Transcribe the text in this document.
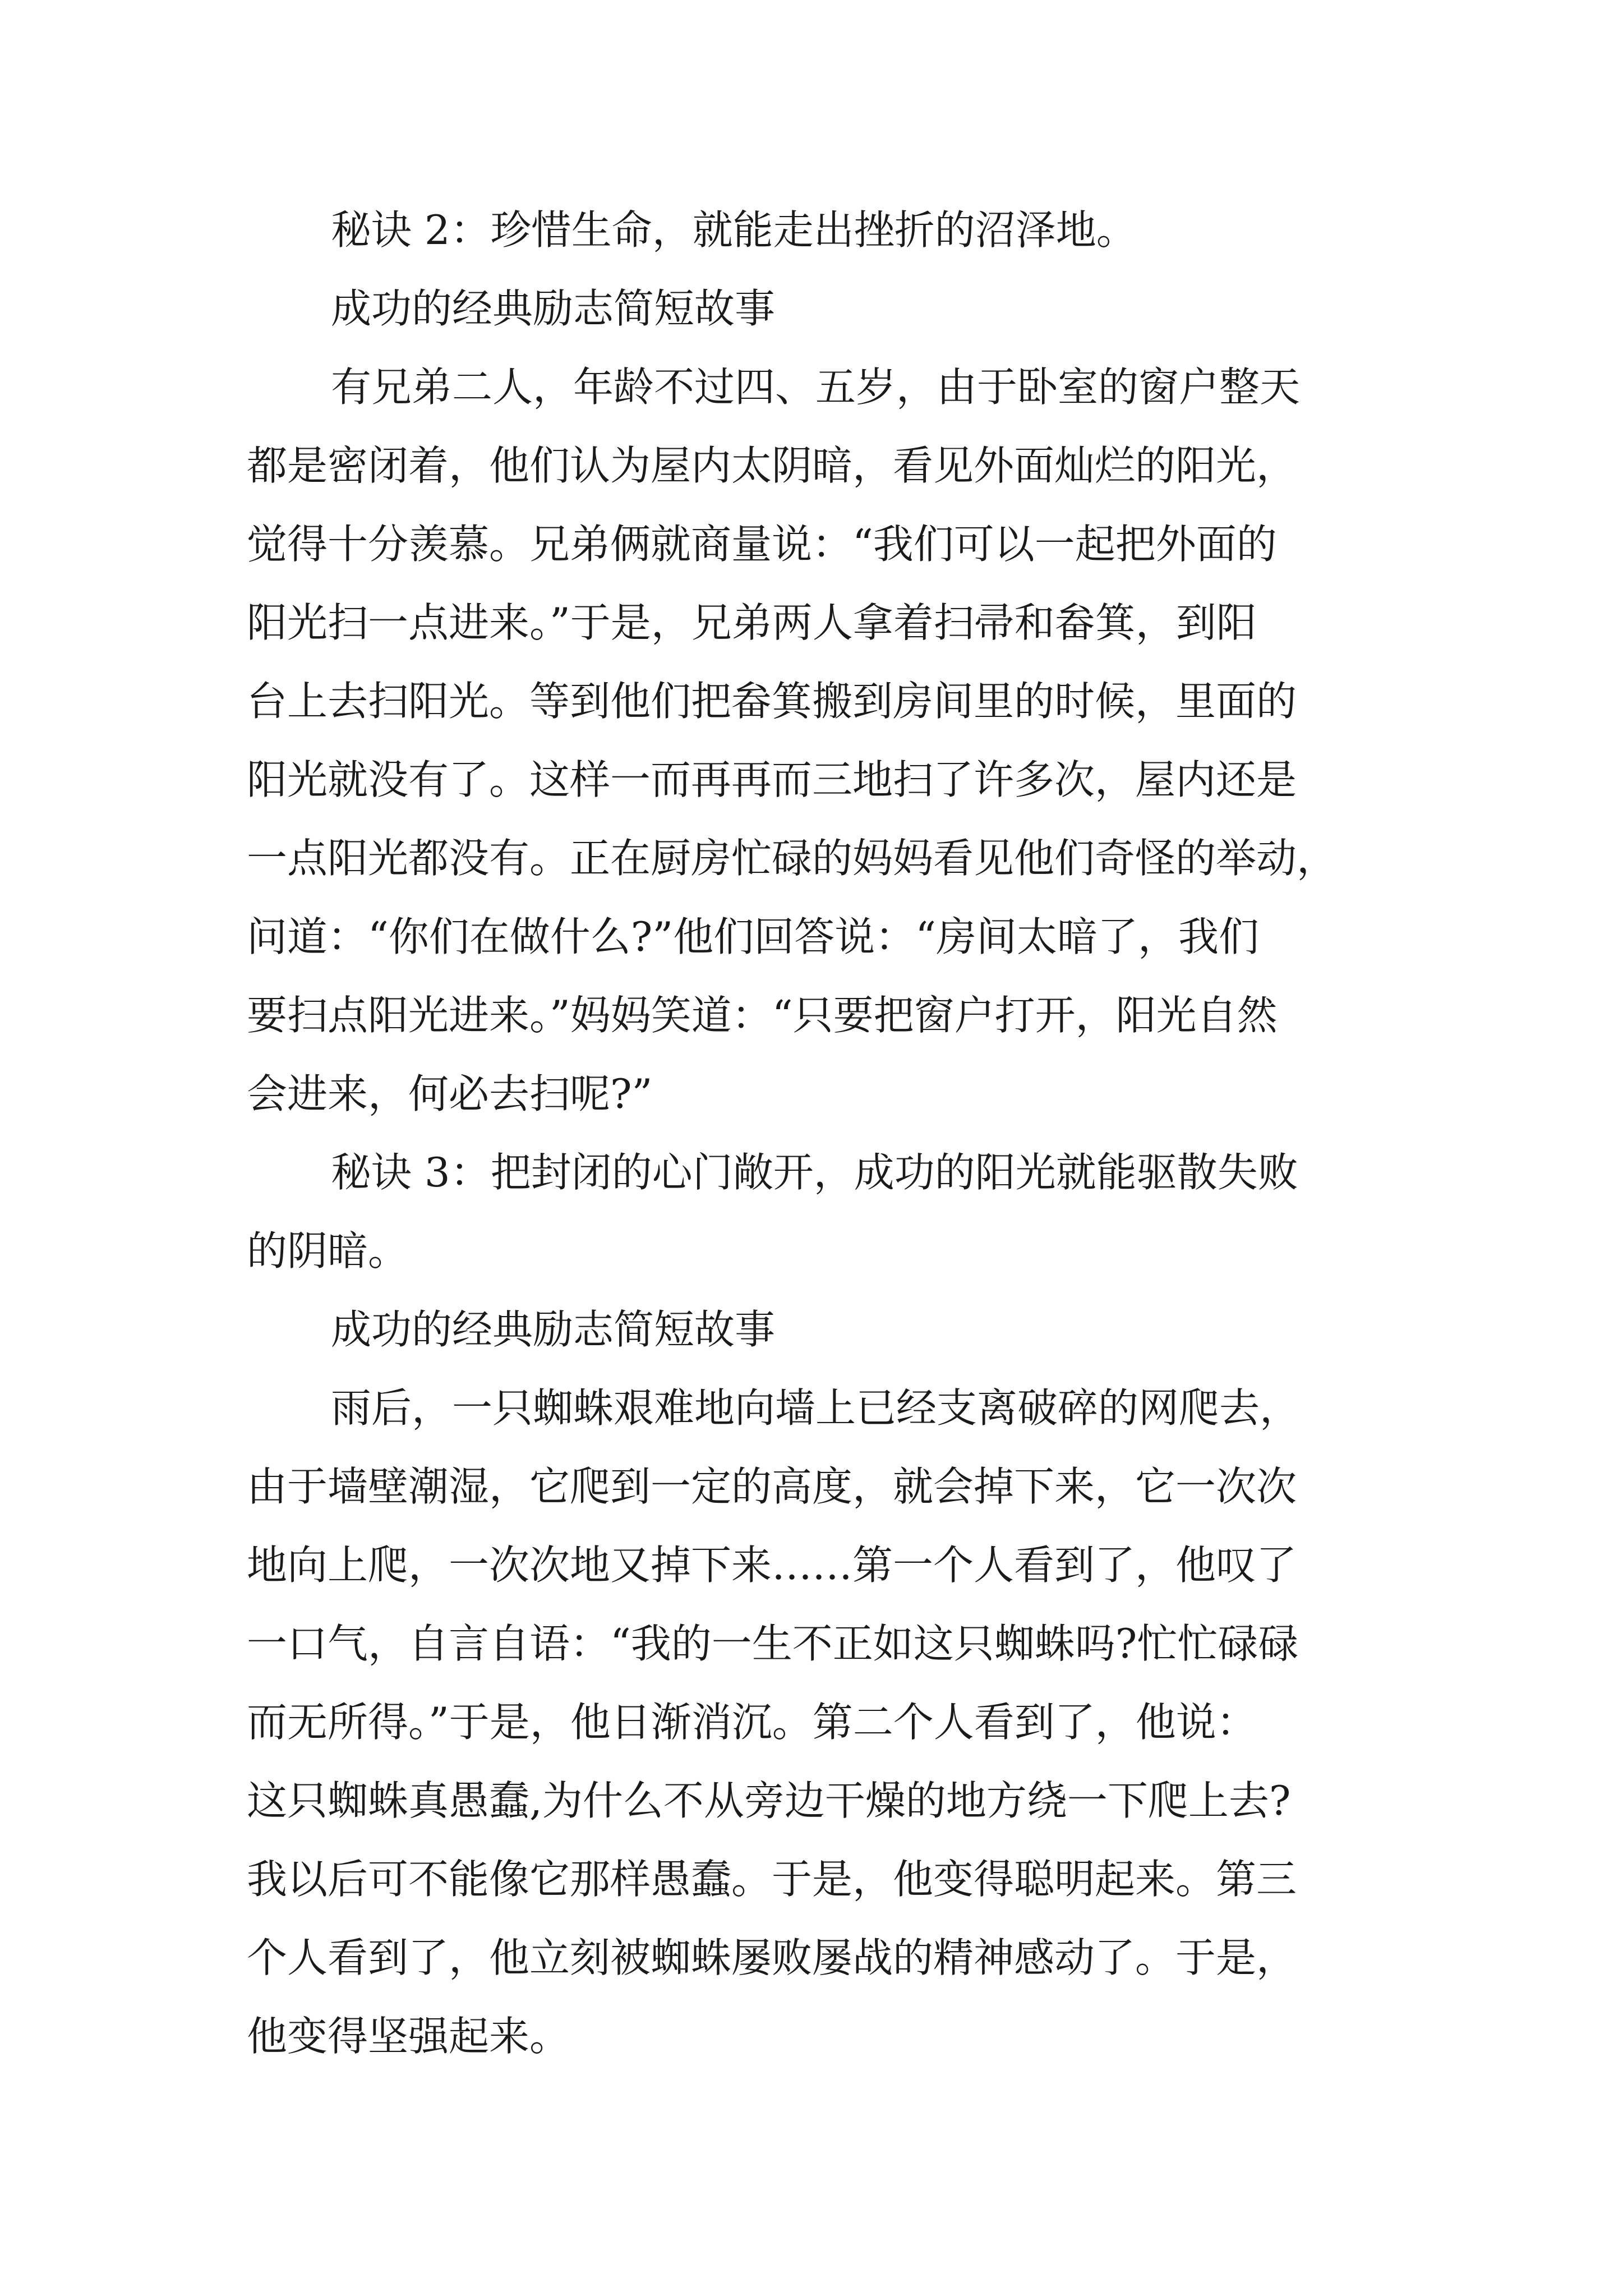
秘诀 2：珍惜生命，就能走出挫折的沼泽地。
成功的经典励志简短故事
有兄弟二人，年龄不过四、五岁，由于卧室的窗户整天
都是密闭着，他们认为屋内太阴暗，看见外面灿烂的阳光，
觉得十分羡慕。兄弟俩就商量说：“我们可以一起把外面的
阳光扫一点进来。”于是，兄弟两人拿着扫帚和畚箕，到阳
台上去扫阳光。等到他们把畚箕搬到房间里的时候，里面的
阳光就没有了。这样一而再再而三地扫了许多次，屋内还是
一点阳光都没有。正在厨房忙碌的妈妈看见他们奇怪的举动，
问道：“你们在做什么?”他们回答说：“房间太暗了，我们
要扫点阳光进来。”妈妈笑道：“只要把窗户打开，阳光自然
会进来，何必去扫呢?”
秘诀 3：把封闭的心门敞开，成功的阳光就能驱散失败
的阴暗。
成功的经典励志简短故事
雨后，一只蜘蛛艰难地向墙上已经支离破碎的网爬去，
由于墙壁潮湿，它爬到一定的高度，就会掉下来，它一次次
地向上爬，一次次地又掉下来……第一个人看到了，他叹了
一口气，自言自语：“我的一生不正如这只蜘蛛吗?忙忙碌碌
而无所得。”于是，他日渐消沉。第二个人看到了，他说：
这只蜘蛛真愚蠢,为什么不从旁边干燥的地方绕一下爬上去?
我以后可不能像它那样愚蠢。于是，他变得聪明起来。第三
个人看到了，他立刻被蜘蛛屡败屡战的精神感动了。于是，
他变得坚强起来。
